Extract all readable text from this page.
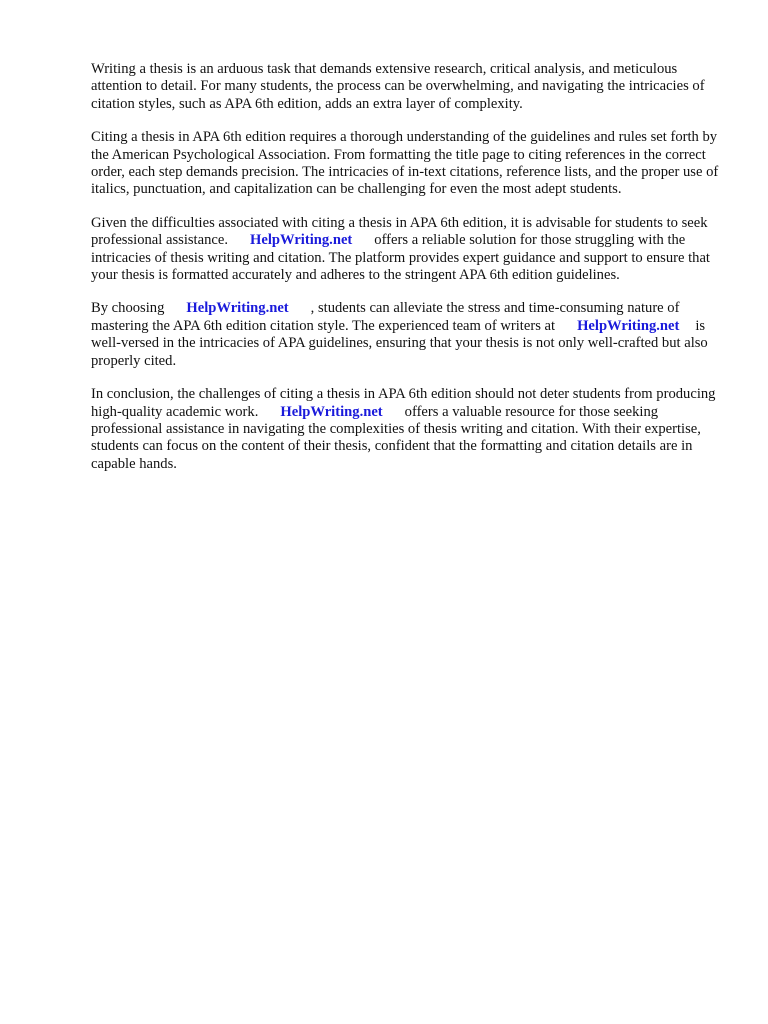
Writing a thesis is an arduous task that demands extensive research, critical analysis, and meticulous attention to detail. For many students, the process can be overwhelming, and navigating the intricacies of citation styles, such as APA 6th edition, adds an extra layer of complexity.

Citing a thesis in APA 6th edition requires a thorough understanding of the guidelines and rules set forth by the American Psychological Association. From formatting the title page to citing references in the correct order, each step demands precision. The intricacies of in-text citations, reference lists, and the proper use of italics, punctuation, and capitalization can be challenging for even the most adept students.

Given the difficulties associated with citing a thesis in APA 6th edition, it is advisable for students to seek professional assistance. HelpWriting.net offers a reliable solution for those struggling with the intricacies of thesis writing and citation. The platform provides expert guidance and support to ensure that your thesis is formatted accurately and adheres to the stringent APA 6th edition guidelines.

By choosing HelpWriting.net , students can alleviate the stress and time-consuming nature of mastering the APA 6th edition citation style. The experienced team of writers at HelpWriting.net is well-versed in the intricacies of APA guidelines, ensuring that your thesis is not only well-crafted but also properly cited.

In conclusion, the challenges of citing a thesis in APA 6th edition should not deter students from producing high-quality academic work. HelpWriting.net offers a valuable resource for those seeking professional assistance in navigating the complexities of thesis writing and citation. With their expertise, students can focus on the content of their thesis, confident that the formatting and citation details are in capable hands.
